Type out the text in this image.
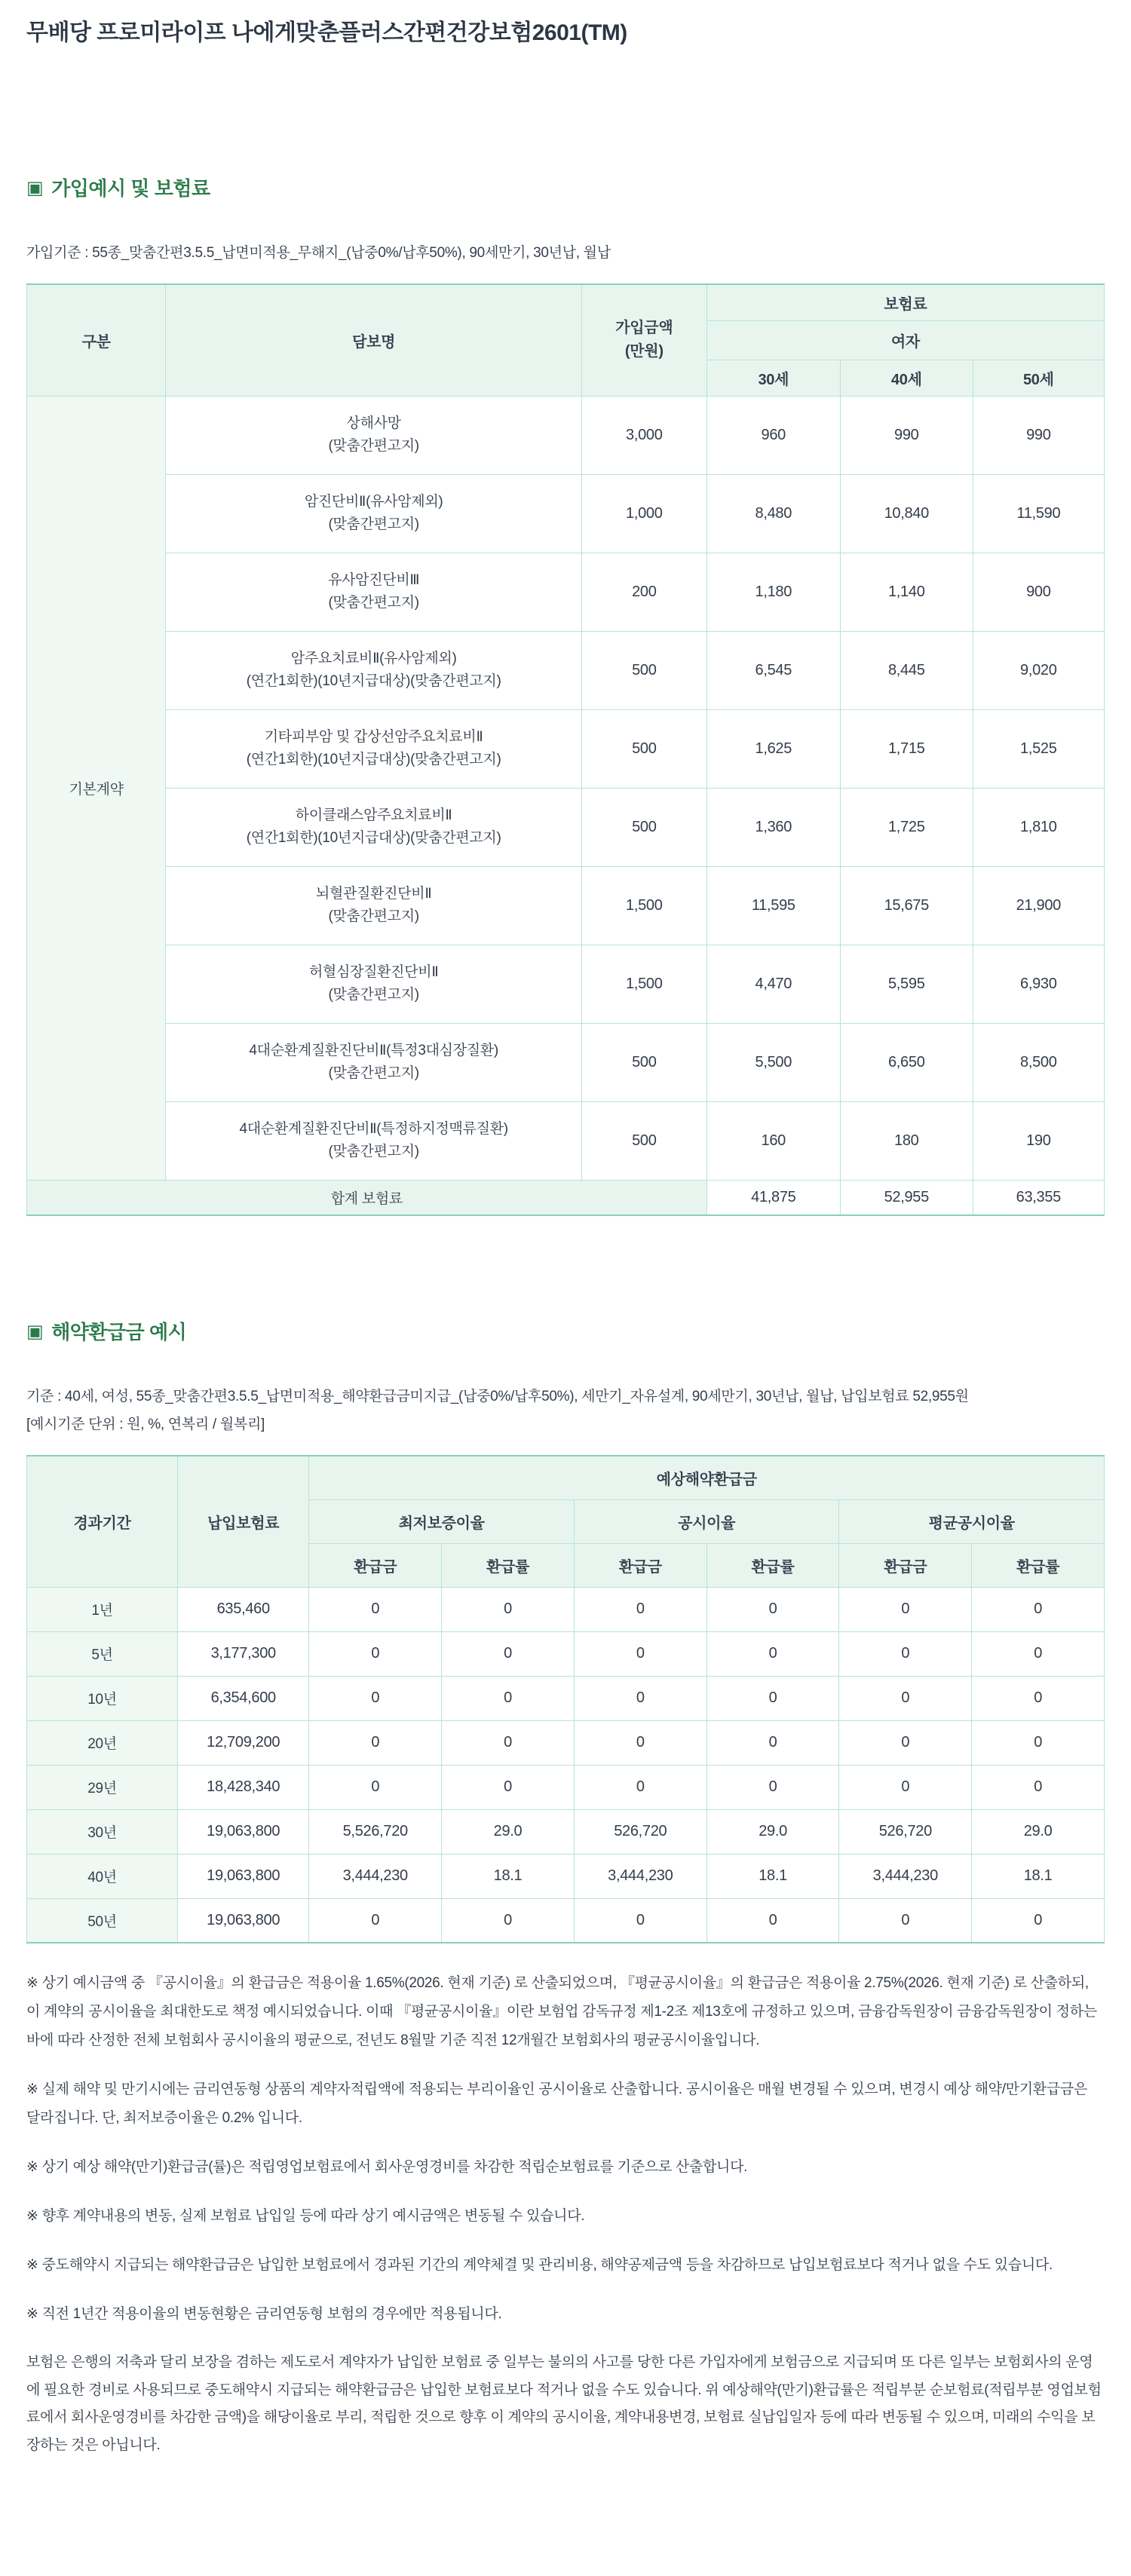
무배당 프로미라이프 나에게맞춘플러스간편건강보험2601(TM)
▣ 가입예시 및 보험료

가입기준 : 55종_맞춤간편3.5.5_납면미적용_무해지_(납중0%/납후50%), 90세만기, 30년납, 월납

구분	담보명	가입금액
(만원)	보험료		
			여자		
			30세	40세	50세
기본계약	상해사망
(맞춤간편고지)	3,000	960	990	990

	암진단비Ⅱ(유사암제외)
(맞춤간편고지)	1,000	8,480	10,840	11,590

	유사암진단비Ⅲ
(맞춤간편고지)	200	1,180	1,140	900

	암주요치료비Ⅱ(유사암제외)
(연간1회한)(10년지급대상)(맞춤간편고지)	500	6,545	8,445	9,020

	기타피부암 및 갑상선암주요치료비Ⅱ
(연간1회한)(10년지급대상)(맞춤간편고지)	500	1,625	1,715	1,525

	하이클래스암주요치료비Ⅱ
(연간1회한)(10년지급대상)(맞춤간편고지)	500	1,360	1,725	1,810

	뇌혈관질환진단비Ⅱ
(맞춤간편고지)	1,500	11,595	15,675	21,900

	허혈심장질환진단비Ⅱ
(맞춤간편고지)	1,500	4,470	5,595	6,930

	4대순환계질환진단비Ⅱ(특정3대심장질환)
(맞춤간편고지)	500	5,500	6,650	8,500

	4대순환계질환진단비Ⅱ(특정하지정맥류질환)
(맞춤간편고지)	500	160	180	190
합계 보험료			41,875	52,955	63,355
▣ 해약환급금 예시

기준 : 40세, 여성, 55종_맞춤간편3.5.5_납면미적용_해약환급금미지급_(납중0%/납후50%), 세만기_자유설계, 90세만기, 30년납, 월납, 납입보험료 52,955원

[예시기준 단위 : 원, %, 연복리 / 월복리]

경과기간	납입보험료	예상해약환급금					
		최저보증이율		공시이율		평균공시이율	
		환급금	환급률	환급금	환급률	환급금	환급률
1년	635,460	0	0	0	0	0	0
5년	3,177,300	0	0	0	0	0	0
10년	6,354,600	0	0	0	0	0	0
20년	12,709,200	0	0	0	0	0	0
29년	18,428,340	0	0	0	0	0	0
30년	19,063,800	5,526,720	29.0	526,720	29.0	526,720	29.0
40년	19,063,800	3,444,230	18.1	3,444,230	18.1	3,444,230	18.1
50년	19,063,800	0	0	0	0	0	0

※ 상기 예시금액 중 『공시이율』의 환급금은 적용이율 1.65%(2026. 현재 기준) 로 산출되었으며, 『평균공시이율』의 환급금은 적용이율 2.75%(2026. 현재 기준) 로 산출하되, 이 계약의 공시이율을 최대한도로 책정 예시되었습니다. 이때 『평균공시이율』이란 보험업 감독규정 제1-2조 제13호에 규정하고 있으며, 금융감독원장이 금융감독원장이 정하는 바에 따라 산정한 전체 보험회사 공시이율의 평균으로, 전년도 8월말 기준 직전 12개월간 보험회사의 평균공시이율입니다.

※ 실제 해약 및 만기시에는 금리연동형 상품의 계약자적립액에 적용되는 부리이율인 공시이율로 산출합니다. 공시이율은 매월 변경될 수 있으며, 변경시 예상 해약/만기환급금은 달라집니다. 단, 최저보증이율은 0.2% 입니다.

※ 상기 예상 해약(만기)환급금(률)은 적립영업보험료에서 회사운영경비를 차감한 적립순보험료를 기준으로 산출합니다.

※ 향후 계약내용의 변동, 실제 보험료 납입일 등에 따라 상기 예시금액은 변동될 수 있습니다.

※ 중도해약시 지급되는 해약환급금은 납입한 보험료에서 경과된 기간의 계약체결 및 관리비용, 해약공제금액 등을 차감하므로 납입보험료보다 적거나 없을 수도 있습니다.

※ 직전 1년간 적용이율의 변동현황은 금리연동형 보험의 경우에만 적용됩니다.

보험은 은행의 저축과 달리 보장을 겸하는 제도로서 계약자가 납입한 보험료 중 일부는 불의의 사고를 당한 다른 가입자에게 보험금으로 지급되며 또 다른 일부는 보험회사의 운영에 필요한 경비로 사용되므로 중도해약시 지급되는 해약환급금은 납입한 보험료보다 적거나 없을 수도 있습니다. 위 예상해약(만기)환급률은 적립부분 순보험료(적립부분 영업보험료에서 회사운영경비를 차감한 금액)을 해당이율로 부리, 적립한 것으로 향후 이 계약의 공시이율, 계약내용변경, 보험료 실납입일자 등에 따라 변동될 수 있으며, 미래의 수익을 보장하는 것은 아닙니다.
